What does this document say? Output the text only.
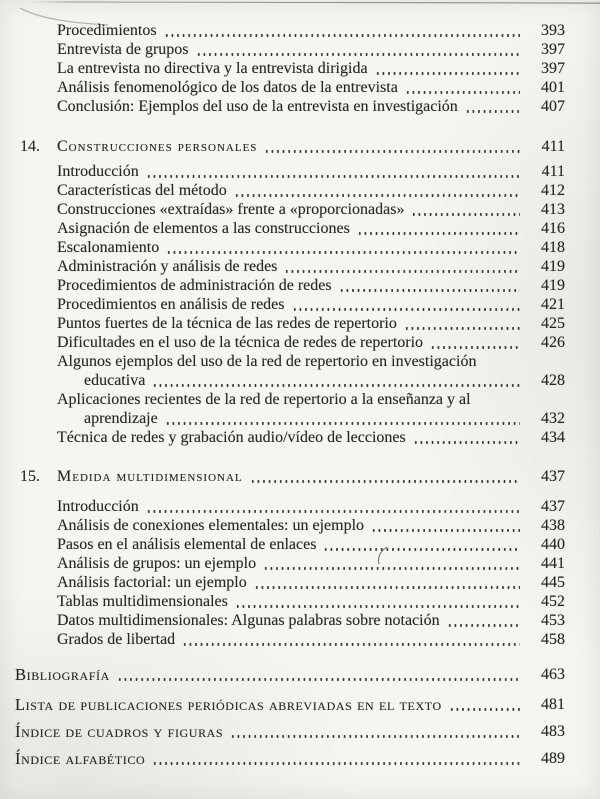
Procedimientos	393
Entrevista de grupos	397
La entrevista no directiva y la entrevista dirigida	397
Análisis fenomenológico de los datos de la entrevista	401
Conclusión: Ejemplos del uso de la entrevista en investigación	407
14.	Construcciones personales	411
Introducción	411
Características del método	412
Construcciones «extraídas» frente a «proporcionadas»	413
Asignación de elementos a las construcciones	416
Escalonamiento	418
Administración y análisis de redes	419
Procedimientos de administración de redes	419
Procedimientos en análisis de redes	421
Puntos fuertes de la técnica de las redes de repertorio	425
Dificultades en el uso de la técnica de redes de repertorio	426
Algunos ejemplos del uso de la red de repertorio en investigación
educativa	428
Aplicaciones recientes de la red de repertorio a la enseñanza y al
aprendizaje	432
Técnica de redes y grabación audio/vídeo de lecciones	434
15.	Medida multidimensional	437
Introducción	437
Análisis de conexiones elementales: un ejemplo	438
Pasos en el análisis elemental de enlaces	440
Análisis de grupos: un ejemplo	441
Análisis factorial: un ejemplo	445
Tablas multidimensionales	452
Datos multidimensionales: Algunas palabras sobre notación	453
Grados de libertad	458
Bibliografía	463
Lista de publicaciones periódicas abreviadas en el texto	481
Índice de cuadros y figuras	483
Índice alfabético	489
